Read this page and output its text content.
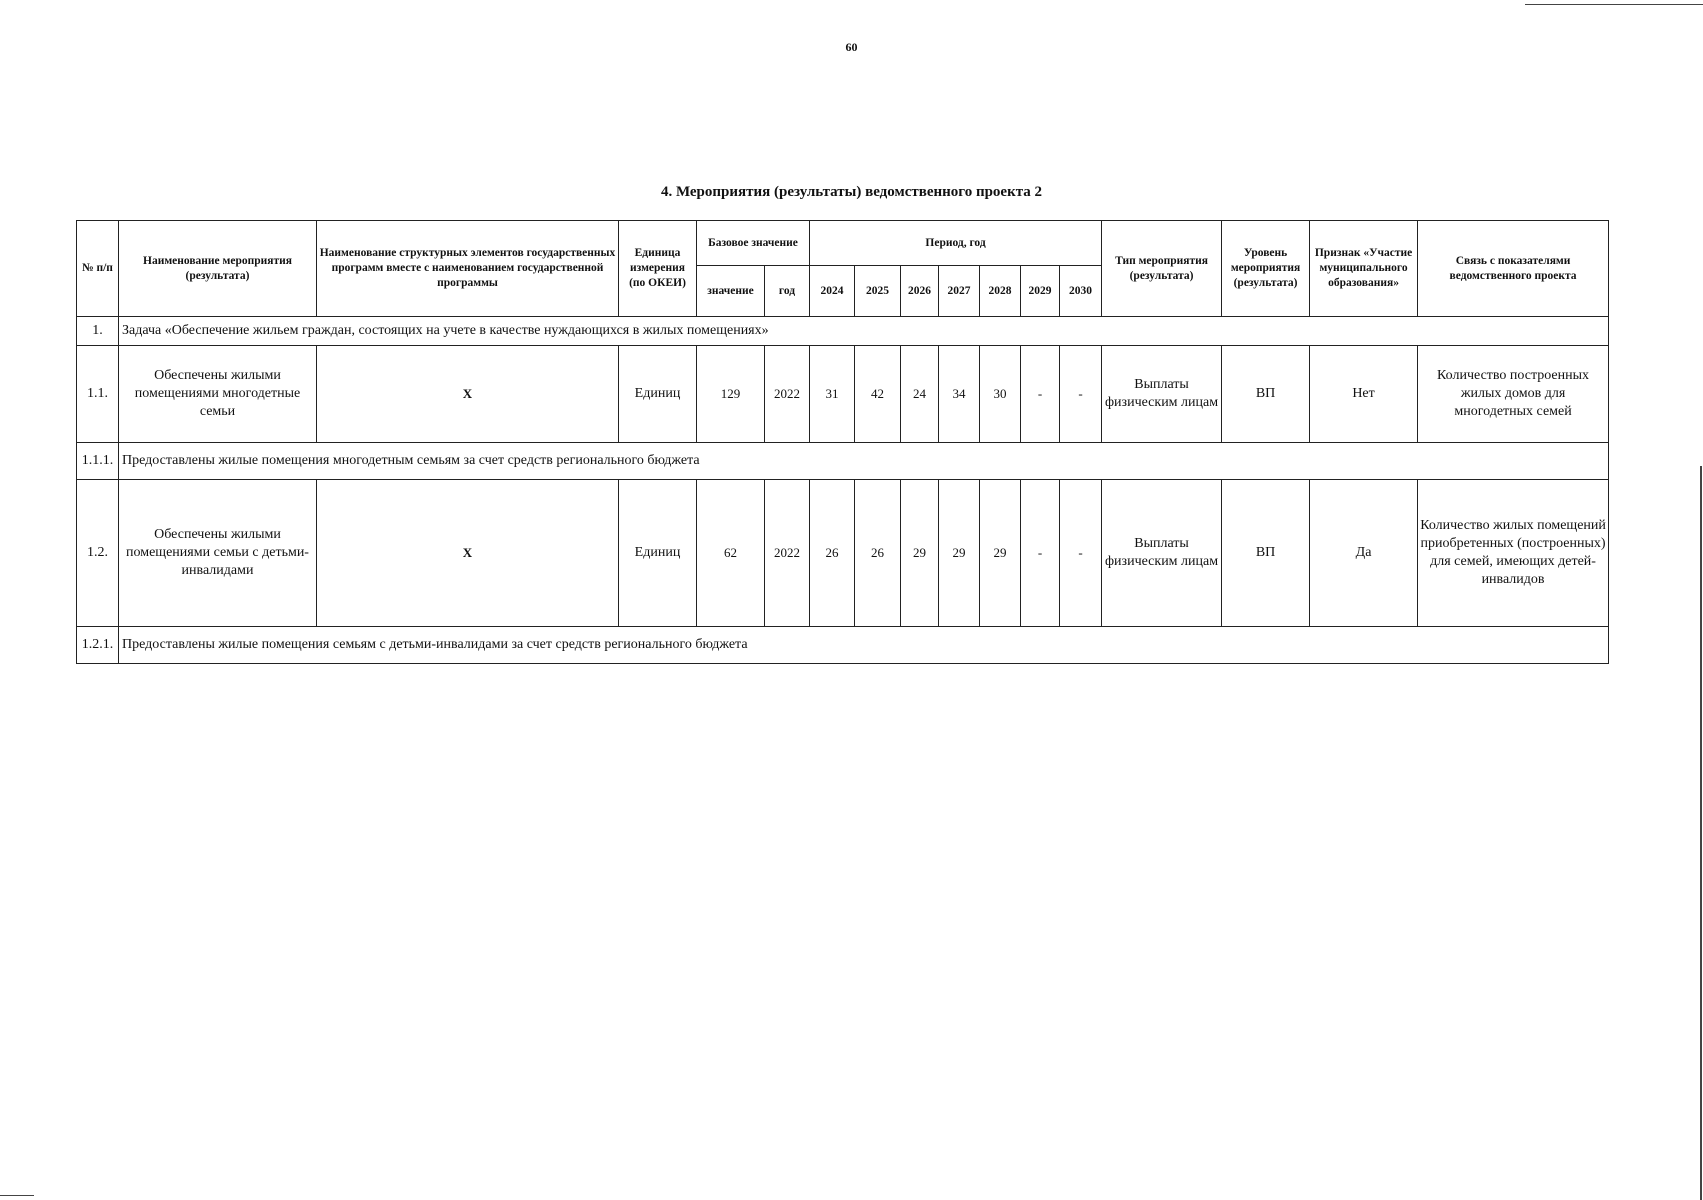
60
4. Мероприятия (результаты) ведомственного проекта 2
№ п/п	Наименование мероприятия (результата)	Наименование структурных элементов государственных программ вместе с наименованием государственной программы	Единица измерения (по ОКЕИ)	Базовое значение		Период, год							Тип мероприятия (результата)	Уровень мероприятия (результата)	Признак «Участие муниципального образования»	Связь с показателями ведомственного проекта
				значение	год	2024	2025	2026	2027	2028	2029	2030				
1.	Задача «Обеспечение жильем граждан, состоящих на учете в качестве нуждающихся в жилых помещениях»															
1.1.	Обеспечены жилыми помещениями многодетные семьи	X	Единиц	129	2022	31	42	24	34	30	-	-	Выплаты физическим лицам	ВП	Нет	Количество построенных жилых домов для многодетных семей
1.1.1.	Предоставлены жилые помещения многодетным семьям за счет средств регионального бюджета															
1.2.	Обеспечены жилыми помещениями семьи с детьми-инвалидами	X	Единиц	62	2022	26	26	29	29	29	-	-	Выплаты физическим лицам	ВП	Да	Количество жилых помещений приобретенных (построенных) для семей, имеющих детей-инвалидов
1.2.1.	Предоставлены жилые помещения семьям с детьми-инвалидами за счет средств регионального бюджета															
